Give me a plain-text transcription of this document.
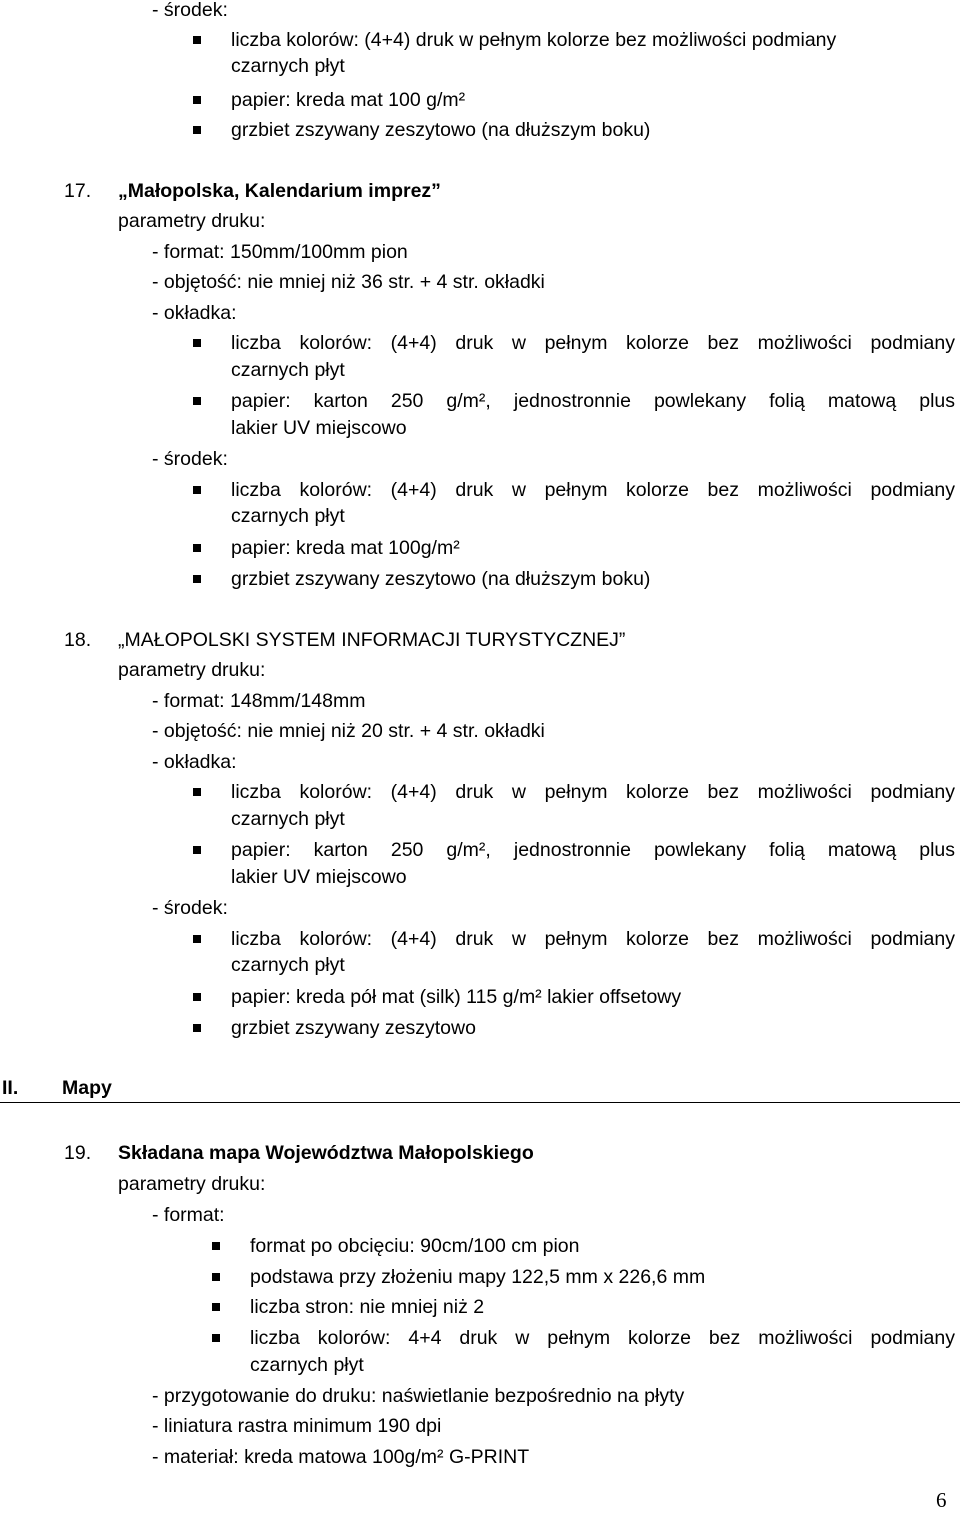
- środek:
liczba kolorów: (4+4) druk w pełnym kolorze bez możliwości podmiany
czarnych płyt
papier: kreda mat 100 g/m²
grzbiet zszywany zeszytowo (na dłuższym boku)
17. „Małopolska, Kalendarium imprez”
parametry druku:
- format: 150mm/100mm pion
- objętość: nie mniej niż 36 str. + 4 str. okładki
- okładka:
liczba kolorów: (4+4) druk w pełnym kolorze bez możliwości podmiany
czarnych płyt
papier: karton 250 g/m², jednostronnie powlekany folią matową plus
lakier UV miejscowo
- środek:
liczba kolorów: (4+4) druk w pełnym kolorze bez możliwości podmiany
czarnych płyt
papier: kreda mat 100g/m²
grzbiet zszywany zeszytowo (na dłuższym boku)
18. „MAŁOPOLSKI SYSTEM INFORMACJI TURYSTYCZNEJ”
parametry druku:
- format: 148mm/148mm
- objętość: nie mniej niż 20 str. + 4 str. okładki
- okładka:
liczba kolorów: (4+4) druk w pełnym kolorze bez możliwości podmiany
czarnych płyt
papier: karton 250 g/m², jednostronnie powlekany folią matową plus
lakier UV miejscowo
- środek:
liczba kolorów: (4+4) druk w pełnym kolorze bez możliwości podmiany
czarnych płyt
papier: kreda pół mat (silk) 115 g/m² lakier offsetowy
grzbiet zszywany zeszytowo
II. Mapy
19. Składana mapa Województwa Małopolskiego
parametry druku:
- format:
format po obcięciu: 90cm/100 cm pion
podstawa przy złożeniu mapy 122,5 mm x 226,6 mm
liczba stron: nie mniej niż 2
liczba kolorów: 4+4 druk w pełnym kolorze bez możliwości podmiany
czarnych płyt
- przygotowanie do druku: naświetlanie bezpośrednio na płyty
- liniatura rastra minimum 190 dpi
- materiał: kreda matowa 100g/m² G-PRINT
6
